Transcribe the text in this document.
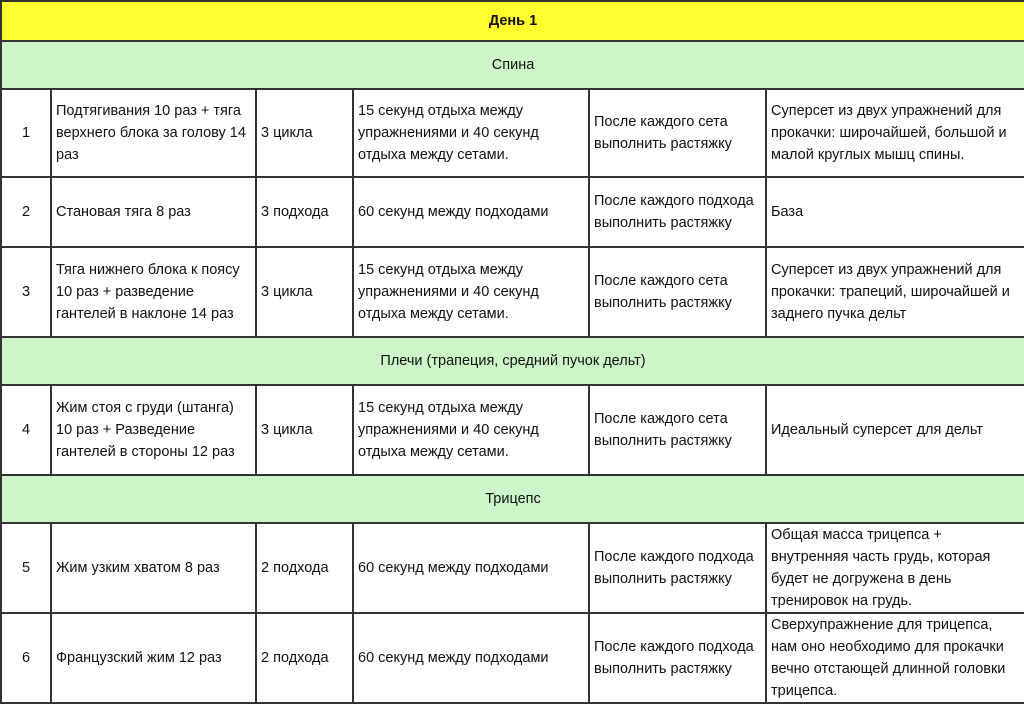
День 1					
Спина					
1	Подтягивания 10 раз + тяга верхнего блока за голову 14 раз	3 цикла	15 секунд отдыха между упражнениями и 40 секунд отдыха между сетами.	После каждого сета выполнить растяжку	Суперсет из двух упражнений для прокачки: широчайшей, большой и малой круглых мышц спины.
2	Становая тяга 8 раз	3 подхода	60 секунд между подходами	После каждого подхода выполнить растяжку	База
3	Тяга нижнего блока к поясу 10 раз + разведение гантелей в наклоне 14 раз	3 цикла	15 секунд отдыха между упражнениями и 40 секунд отдыха между сетами.	После каждого сета выполнить растяжку	Суперсет из двух упражнений для прокачки: трапеций, широчайшей и заднего пучка дельт
Плечи (трапеция, средний пучок дельт)					
4	Жим стоя с груди (штанга) 10 раз + Разведение гантелей в стороны 12 раз	3 цикла	15 секунд отдыха между упражнениями и 40 секунд отдыха между сетами.	После каждого сета выполнить растяжку	Идеальный суперсет для дельт
Трицепс					
5	Жим узким хватом 8 раз	2 подхода	60 секунд между подходами	После каждого подхода выполнить растяжку	Общая масса трицепса + внутренняя часть грудь, которая будет не догружена в день тренировок на грудь.
6	Французский жим 12 раз	2 подхода	60 секунд между подходами	После каждого подхода выполнить растяжку	Сверхупражнение для трицепса, нам оно необходимо для прокачки вечно отстающей длинной головки трицепса.
